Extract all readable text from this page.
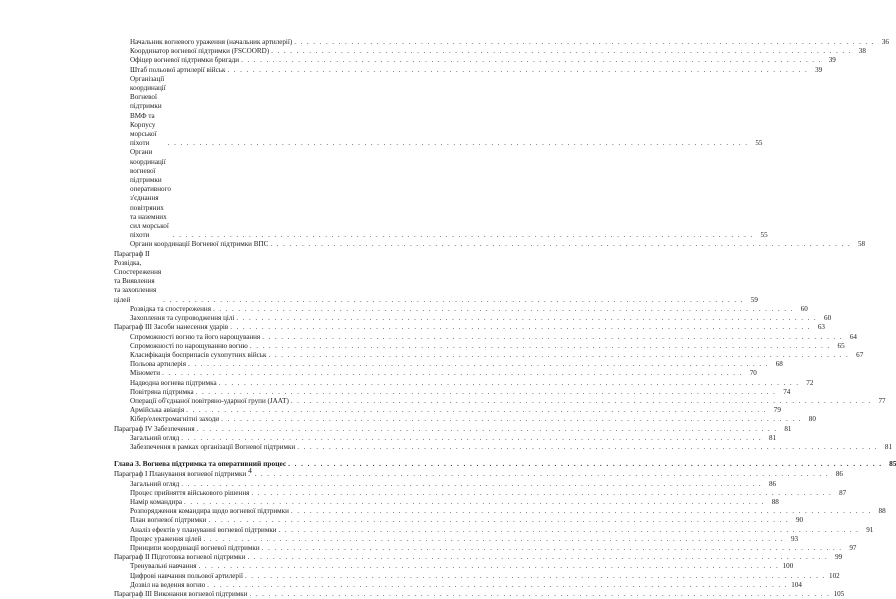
Начальник вогневого ураження (начальник артилерії) . . .	36
Координатор вогневої підтримки (FSCOORD) . . .	38
Офіцер вогневої підтримки бригади . . .	39
Штаб польової артилерії військ . . .	39
Організації координації Вогневої підтримки ВМФ та Корпусу морської піхоти . . .	55
Органи координації вогневої підтримки оперативного з'єднання повітряних та наземних сил морської піхоти . . .	55
Органи координації Вогневої підтримки ВПС . . .	58
Параграф II Розвідка, Спостереження та Виявлення та захоплення цілей . . .	59
Розвідка та спостереження . . .	60
Захоплення та супроводження цілі . . .	60
Параграф III Засоби нанесення ударів . . .	63
Спроможності вогню та його нарощування . . .	64
Спроможності по нарощуванню вогню . . .	65
Класифікація боєприпасів сухопутних військ . . .	67
Польова артилерія . . .	68
Міномети . . .	70
Надводна вогнева підтримка . . .	72
Повітряна підтримка . . .	74
Операції об'єднаної повітряно-ударної групи (JAAT) . . .	77
Армійська авіація . . .	79
Кібер/електромагнітні заходи . . .	80
Параграф IV Забезпечення . . .	81
Загальний огляд . . .	81
Забезпечення в рамках організації Вогневої підтримки . . .	81
Глава 3. Вогнева підтримка та оперативний процес . . .	85
Параграф I Планування вогневої підтримки . . .	86
Загальний огляд . . .	86
Процес прийняття військового рішення . . .	87
Намір командира . . .	88
Розпорядження командира щодо вогневої підтримки . . .	88
План вогневої підтримки . . .	90
Аналіз ефектів у плануванні вогневої підтримки . . .	91
Процес ураження цілей . . .	93
Принципи координації вогневої підтримки . . .	97
Параграф II Підготовка вогневої підтримки . . .	99
Тренувальні навчання . . .	100
Цифрові навчання польової артилерії . . .	102
Дозвіл на ведення вогню . . .	104
Параграф III Виконання вогневої підтримки . . .	105
4
